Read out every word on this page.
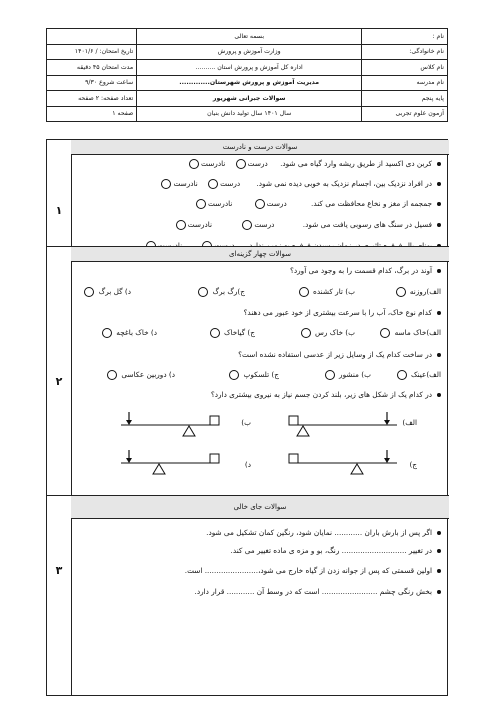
نام :	بسمه تعالی	
نام خانوادگی:	وزارت آموزش و پرورش	تاریخ امتحان: / ۱۴۰۱/۶
نام کلاس	اداره کل آموزش و پرورش استان ..........	مدت امتحان ۴۵ دقیقه
نام مدرسه	مدیریت آموزش و پرورش شهرستان.............	ساعت شروع ۹/۳۰
پایه پنجم	سوالات جبرانی شهریور	تعداد صفحه: ۲ صفحه
آزمون علوم تجربی	سال ۱۴۰۱ سال تولید دانش بنیان	صفحه ۱
سوالات درست و نادرست
۱
کربن دی اکسید از طریق ریشه وارد گیاه می شود. درست نادرست
در افراد نزدیک بین، اجسام نزدیک به خوبی دیده نمی شود. درست نادرست
جمجمه از مغز و نخاع محافظت می کند. درست نادرست
فسیل در سنگ های رسوبی یافت می شود. درست نادرست

سوالات چهار گزینه‌ای
۲
آوند در برگ، کدام قسمت را به وجود می آورد؟
الف)روزنه
ب) تار کشنده
ج)رگ برگ
د) گل برگ
کدام نوع خاک، آب را با سرعت بیشتری از خود عبور می دهند؟
الف)خاک ماسه
ب) خاک رس
ج) گیاخاک
د) خاک باغچه
در ساخت کدام یک از وسایل زیر از عدسی استفاده نشده است؟
الف)عینک
ب) منشور
ج) تلسکوپ
د) دوربین عکاسی
در کدام یک از شکل های زیر، بلند کردن جسم نیاز به نیروی بیشتری دارد؟
الف)
ب)
ج)
د)
سوالات جای خالی
۳
اگر پس از بارش باران ............ نمایان شود، رنگین کمان تشکیل می شود.
در تغییر ............................ رنگ، بو و مزه ی ماده تغییر می کند.
اولین قسمتی که پس از جوانه زدن از گیاه خارج می شود،....................... است.
بخش رنگی چشم ........................ است که در وسط آن ............ قرار دارد.
